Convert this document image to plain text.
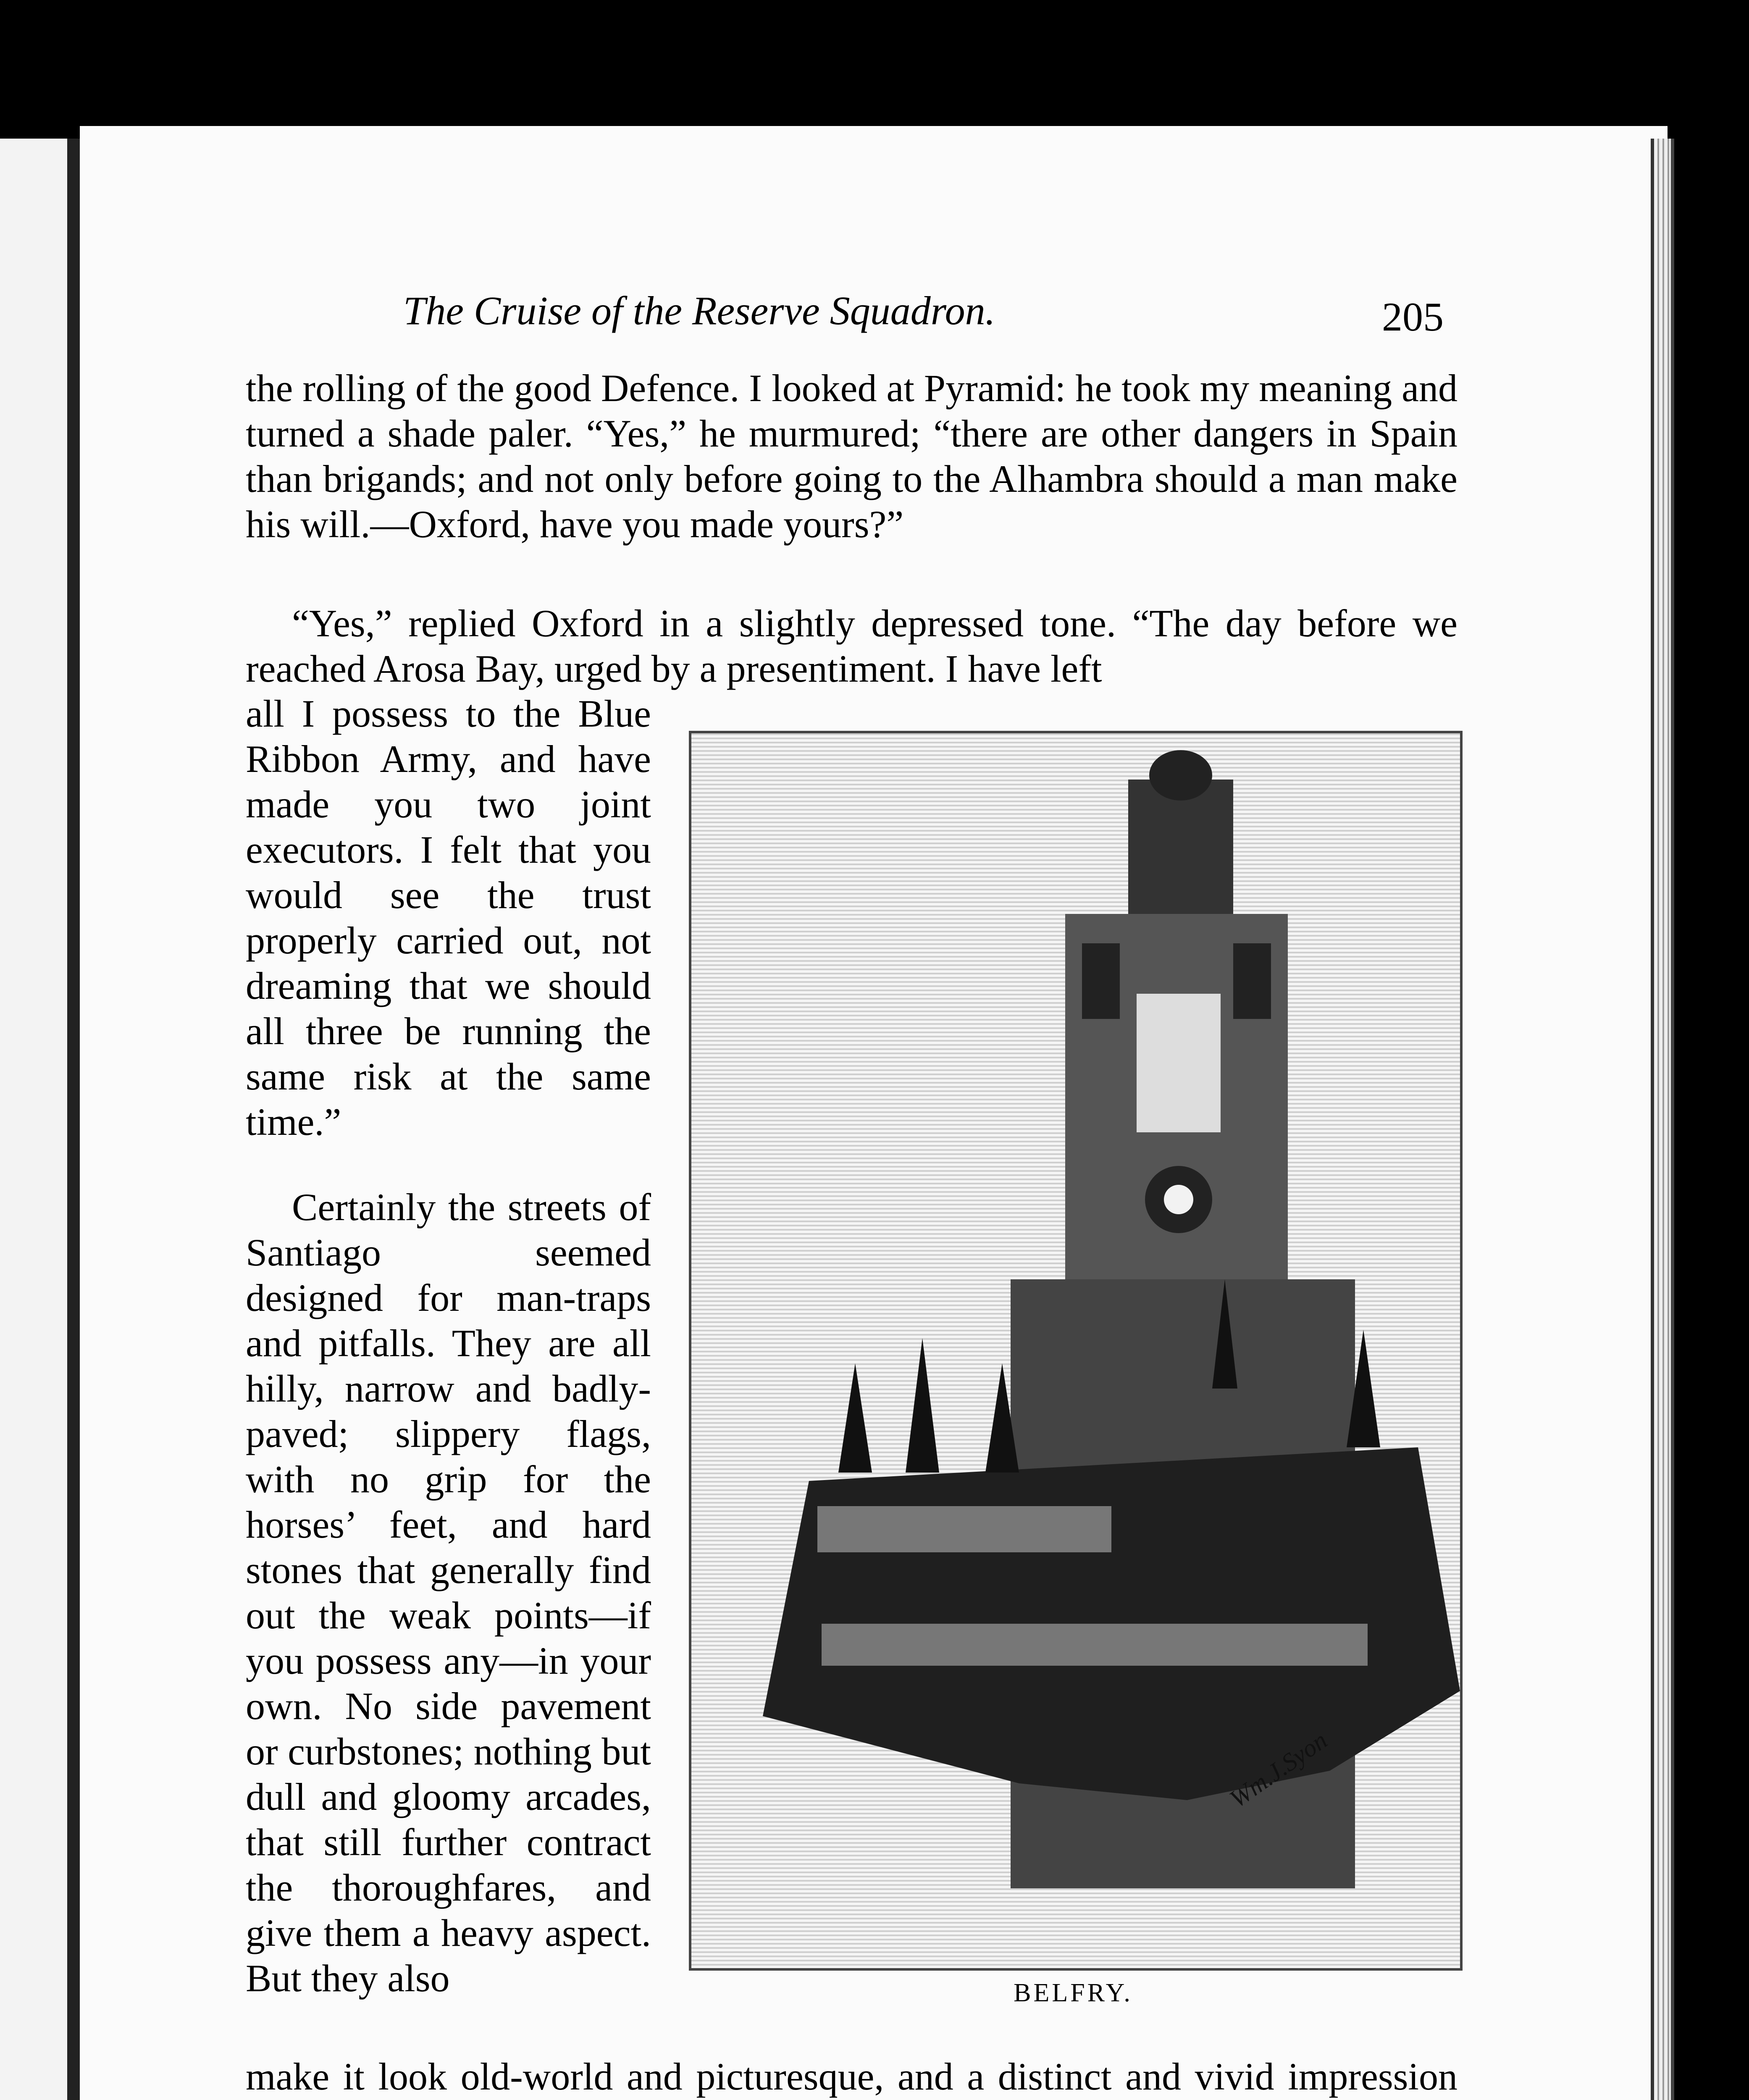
The Cruise of the Reserve Squadron.	205

the rolling of the good Defence. I looked at Pyramid: he took my meaning and turned a shade paler. “Yes,” he murmured; “there are other dangers in Spain than brigands; and not only before going to the Alhambra should a man make his will.—Oxford, have you made yours?”

“Yes,” replied Oxford in a slightly depressed tone. “The day before we reached Arosa Bay, urged by a presentiment. I have left

all I possess to the Blue Ribbon Army, and have made you two joint executors. I felt that you would see the trust properly carried out, not dreaming that we should all three be running the same risk at the same time.”

Certainly the streets of Santiago seemed designed for man-traps and pitfalls. They are all hilly, narrow and badly-paved; slippery flags, with no grip for the horses’ feet, and hard stones that generally find out the weak points—if you possess any—in your own. No side pavement or curbstones; nothing but dull and gloomy arcades, that still further contract the thoroughfares, and give them a heavy aspect. But they also

make it look old-world and picturesque, and a distinct and vivid impression

Wm.J.Syon
BELFRY.
